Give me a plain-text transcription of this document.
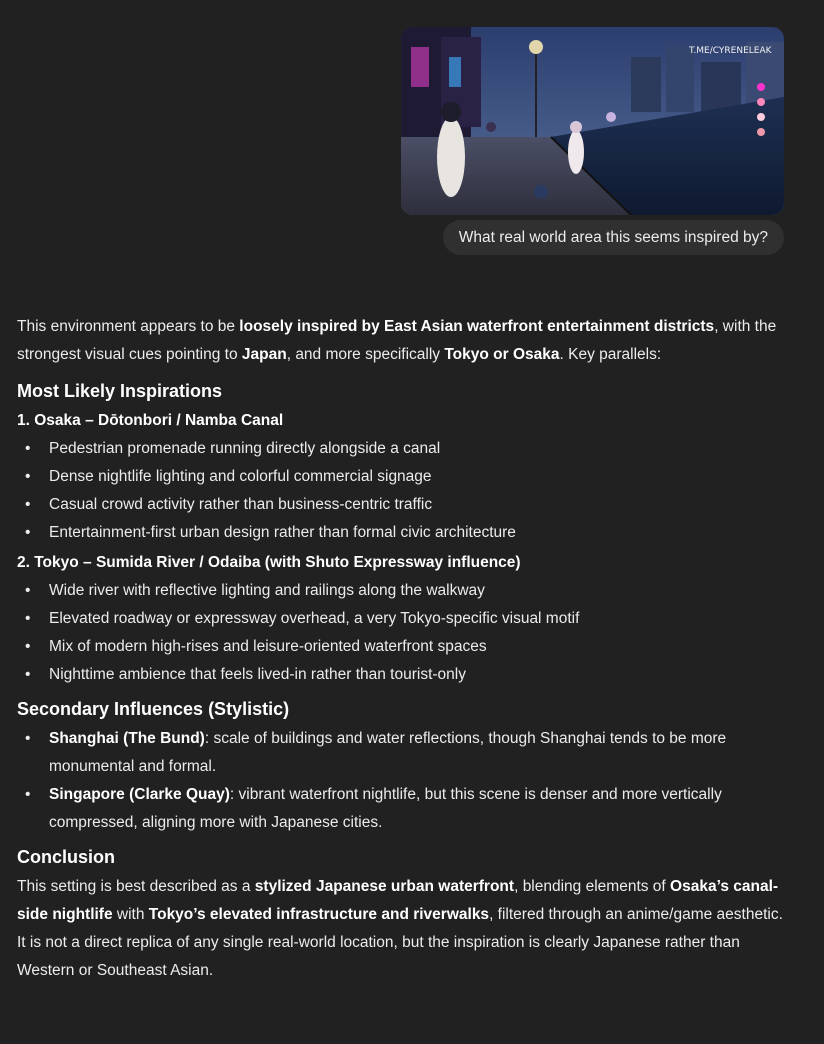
T.ME/CYRENELEAK
What real world area this seems inspired by?

This environment appears to be loosely inspired by East Asian waterfront entertainment districts, with the strongest visual cues pointing to Japan, and more specifically Tokyo or Osaka. Key parallels:

Most Likely Inspirations
1. Osaka – Dōtonbori / Namba Canal
• Pedestrian promenade running directly alongside a canal
• Dense nightlife lighting and colorful commercial signage
• Casual crowd activity rather than business-centric traffic
• Entertainment-first urban design rather than formal civic architecture
2. Tokyo – Sumida River / Odaiba (with Shuto Expressway influence)
• Wide river with reflective lighting and railings along the walkway
• Elevated roadway or expressway overhead, a very Tokyo-specific visual motif
• Mix of modern high-rises and leisure-oriented waterfront spaces
• Nighttime ambience that feels lived-in rather than tourist-only
Secondary Influences (Stylistic)
• Shanghai (The Bund): scale of buildings and water reflections, though Shanghai tends to be more monumental and formal.
• Singapore (Clarke Quay): vibrant waterfront nightlife, but this scene is denser and more vertically compressed, aligning more with Japanese cities.
Conclusion

This setting is best described as a stylized Japanese urban waterfront, blending elements of Osaka’s canal-side nightlife with Tokyo’s elevated infrastructure and riverwalks, filtered through an anime/game aesthetic. It is not a direct replica of any single real-world location, but the inspiration is clearly Japanese rather than Western or Southeast Asian.
